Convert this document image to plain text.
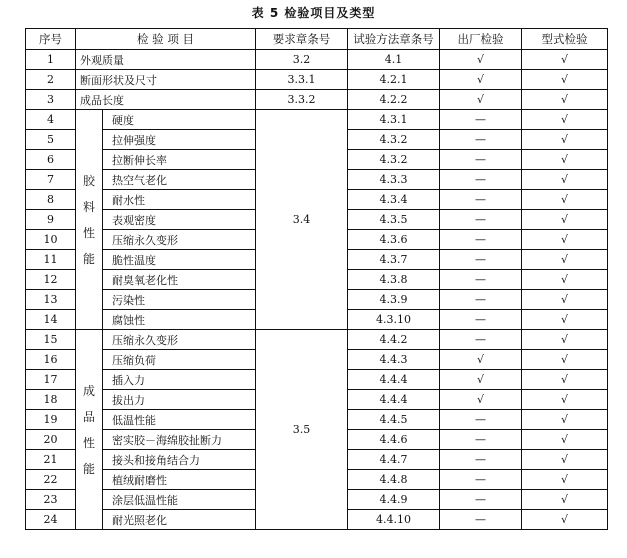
表 5 检验项目及类型
序号	检 验 项 目		要求章条号	试验方法章条号	出厂检验	型式检验
1	外观质量		3.2	4.1	√	√
2	断面形状及尺寸		3.3.1	4.2.1	√	√
3	成品长度		3.3.2	4.2.2	√	√
4	胶料性能	硬度	3.4	4.3.1	—	√
5		拉伸强度		4.3.2	—	√
6		拉断伸长率		4.3.2	—	√
7		热空气老化		4.3.3	—	√
8		耐水性		4.3.4	—	√
9		表观密度		4.3.5	—	√
10		压缩永久变形		4.3.6	—	√
11		脆性温度		4.3.7	—	√
12		耐臭氧老化性		4.3.8	—	√
13		污染性		4.3.9	—	√
14		腐蚀性		4.3.10	—	√
15	成品性能	压缩永久变形	3.5	4.4.2	—	√
16		压缩负荷		4.4.3	√	√
17		插入力		4.4.4	√	√
18		拔出力		4.4.4	√	√
19		低温性能		4.4.5	—	√
20		密实胶－海绵胶扯断力		4.4.6	—	√
21		接头和接角结合力		4.4.7	—	√
22		植绒耐磨性		4.4.8	—	√
23		涂层低温性能		4.4.9	—	√
24		耐光照老化		4.4.10	—	√
